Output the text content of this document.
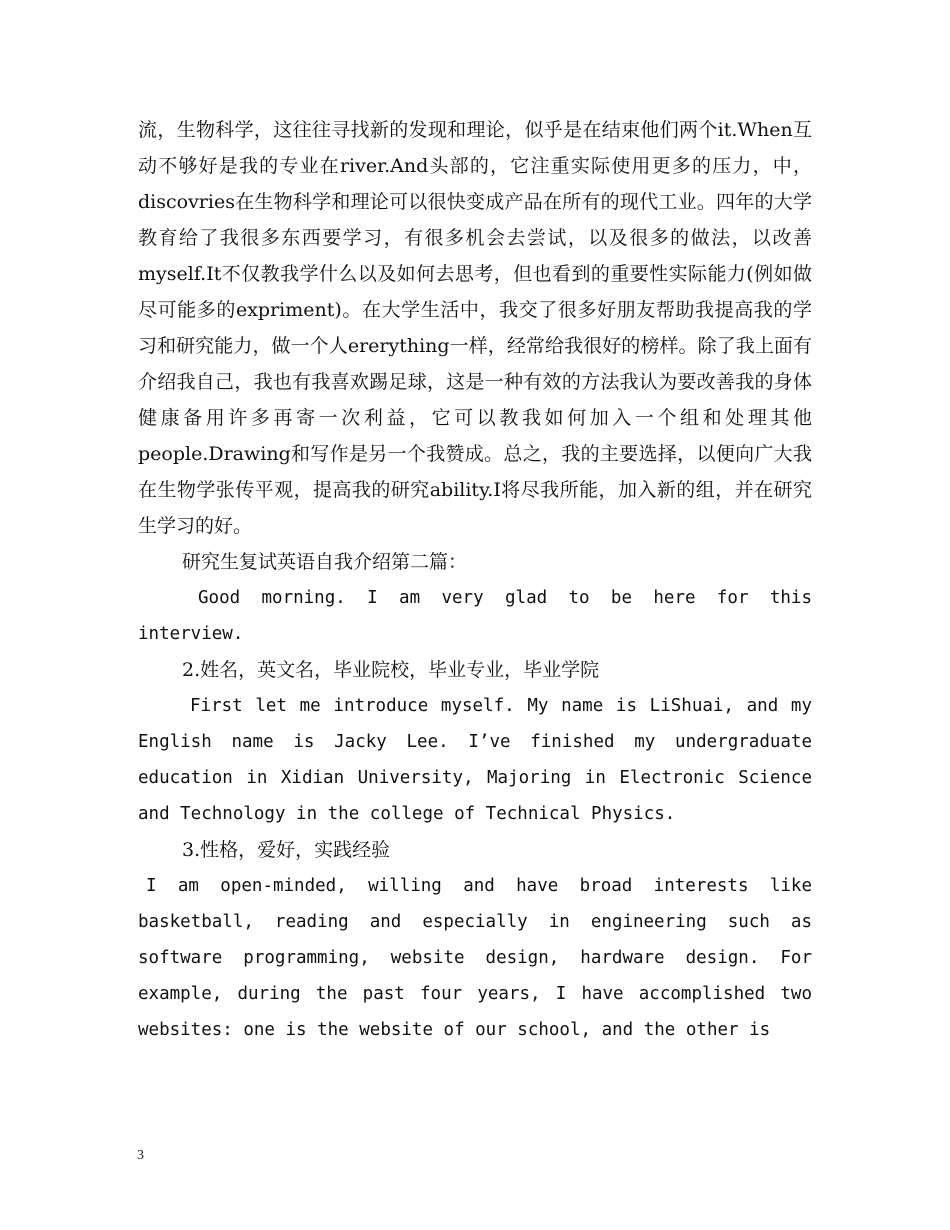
流，生物科学，这往往寻找新的发现和理论，似乎是在结束他们两个it.When互动不够好是我的专业在river.And头部的，它注重实际使用更多的压力，中，discovries在生物科学和理论可以很快变成产品在所有的现代工业。四年的大学教育给了我很多东西要学习，有很多机会去尝试，以及很多的做法，以改善myself.It不仅教我学什么以及如何去思考，但也看到的重要性实际能力(例如做尽可能多的expriment)。在大学生活中，我交了很多好朋友帮助我提高我的学习和研究能力，做一个人ererything一样，经常给我很好的榜样。除了我上面有介绍我自己，我也有我喜欢踢足球，这是一种有效的方法我认为要改善我的身体健康备用许多再寄一次利益，它可以教我如何加入一个组和处理其他people.Drawing和写作是另一个我赞成。总之，我的主要选择，以便向广大我在生物学张传平观，提高我的研究ability.I将尽我所能，加入新的组，并在研究生学习的好。

研究生复试英语自我介绍第二篇：

Good morning. I am very glad to be here for this interview.

2.姓名，英文名，毕业院校，毕业专业，毕业学院

First let me introduce myself. My name is LiShuai, and my English name is Jacky Lee. I’ve finished my undergraduate education in Xidian University, Majoring in Electronic Science and Technology in the college of Technical Physics.

3.性格，爱好，实践经验

I am open-minded, willing and have broad interests like basketball, reading and especially in engineering such as software programming, website design, hardware design. For example, during the past four years, I have accomplished two websites: one is the website of our school, and the other is

3
